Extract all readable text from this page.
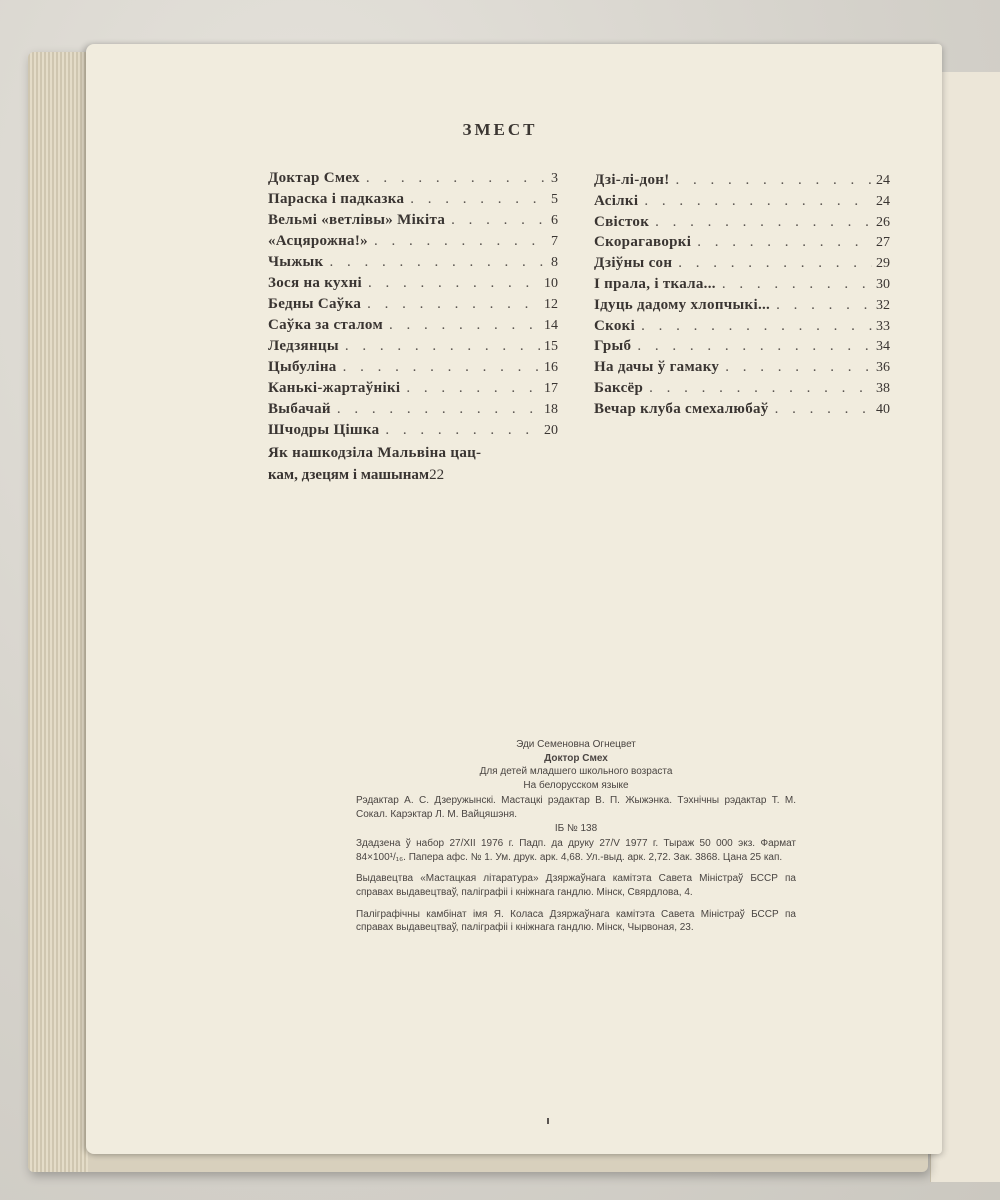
ЗМЕСТ
Доктар Смех . . .	3
Параска і падказка . . .	5
Вельмі «ветлівы» Мікіта . . .	6
«Асцярожна!» . . .	7
Чыжык . . .	8
Зося на кухні . . .	10
Бедны Саўка . . .	12
Саўка за сталом . . .	14
Ледзянцы . . .	15
Цыбуліна . . .	16
Канькі-жартаўнікі . . .	17
Выбачай . . .	18
Шчодры Цішка . . .	20
Як нашкодзіла Мальвіна цац-
кам, дзецям і машынам 22
Дзі-лі-дон! . . .	24
Асілкі . . .	24
Свісток . . .	26
Скорагаворкі . . .	27
Дзіўны сон . . .	29
І прала, і ткала... . . .	30
Ідуць дадому хлопчыкі... . . .	32
Скокі . . .	33
Грыб . . .	34
На дачы ў гамаку . . .	36
Баксёр . . .	38
Вечар клуба смехалюбаў . . .	40
Эди Семеновна Огнецвет
Доктор Смех
Для детей младшего школьного возраста
На белорусском языке
Рэдактар А. С. Дзеружынскі. Мастацкі рэдактар В. П. Жыжэнка. Тэхнічны рэдактар Т. М. Сокал. Карэктар Л. М. Вайцяшэня.
ІБ № 138
Здадзена ў набор 27/XII 1976 г. Падп. да друку 27/V 1977 г. Тыраж 50 000 экз. Фармат 84×100¹/₁₆. Папера афс. № 1. Ум. друк. арк. 4,68. Ул.-выд. арк. 2,72. Зак. 3868. Цана 25 кап.
Выдавецтва «Мастацкая літаратура» Дзяржаўнага камітэта Савета Міністраў БССР па справах выдавецтваў, паліграфіі і кніжнага гандлю. Мінск, Свярдлова, 4.
Паліграфічны камбінат імя Я. Коласа Дзяржаўнага камітэта Савета Міністраў БССР па справах выдавецтваў, паліграфіі і кніжнага гандлю. Мінск, Чырвоная, 23.
